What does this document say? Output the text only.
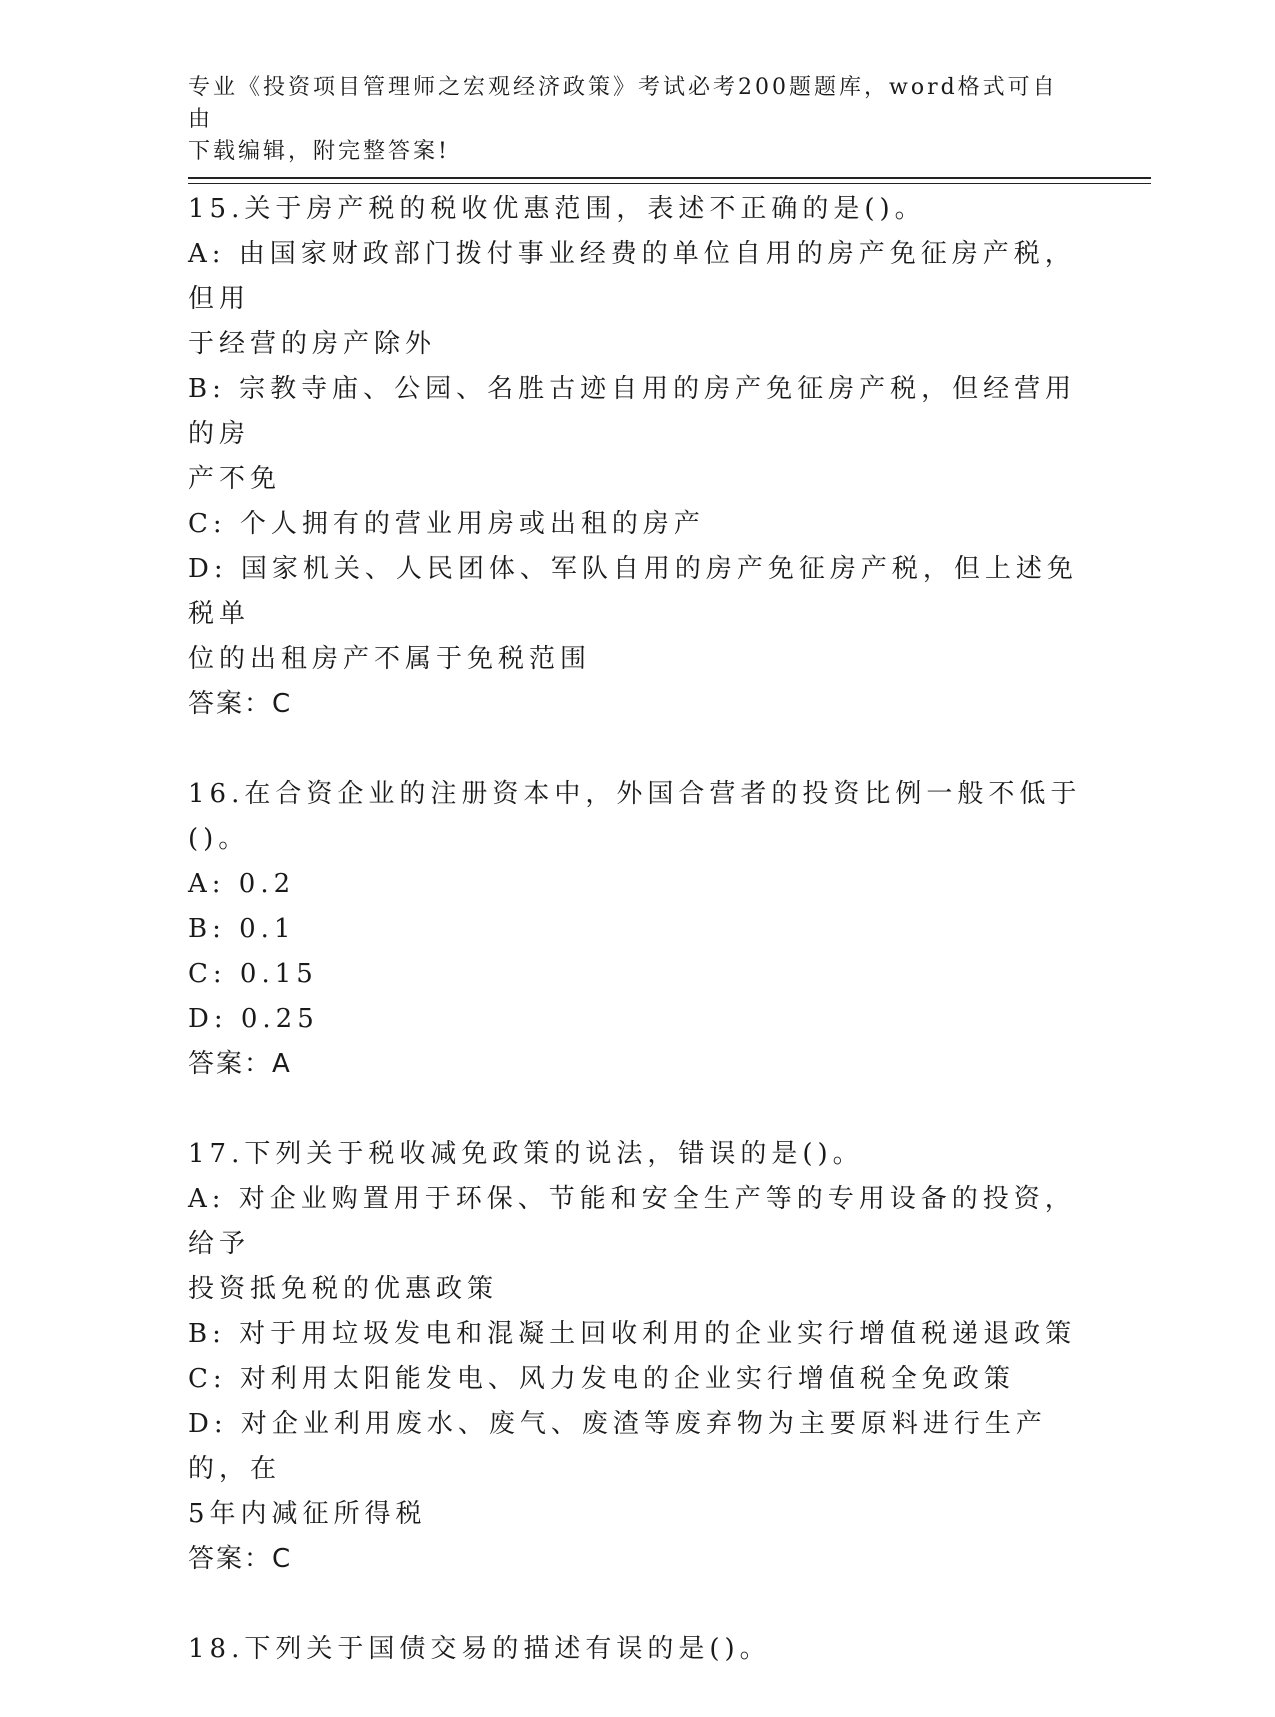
专业《投资项目管理师之宏观经济政策》考试必考200题题库，word格式可自由
下载编辑，附完整答案!
15.关于房产税的税收优惠范围，表述不正确的是()。
A: 由国家财政部门拨付事业经费的单位自用的房产免征房产税，但用
于经营的房产除外
B: 宗教寺庙、公园、名胜古迹自用的房产免征房产税，但经营用的房
产不免
C: 个人拥有的营业用房或出租的房产
D: 国家机关、人民团体、军队自用的房产免征房产税，但上述免税单
位的出租房产不属于免税范围
答案：C
16.在合资企业的注册资本中，外国合营者的投资比例一般不低于()。
A: 0.2
B: 0.1
C: 0.15
D: 0.25
答案：A
17.下列关于税收减免政策的说法，错误的是()。
A: 对企业购置用于环保、节能和安全生产等的专用设备的投资，给予
投资抵免税的优惠政策
B: 对于用垃圾发电和混凝土回收利用的企业实行增值税递退政策
C: 对利用太阳能发电、风力发电的企业实行增值税全免政策
D: 对企业利用废水、废气、废渣等废弃物为主要原料进行生产的，在
5年内减征所得税
答案：C
18.下列关于国债交易的描述有误的是()。
